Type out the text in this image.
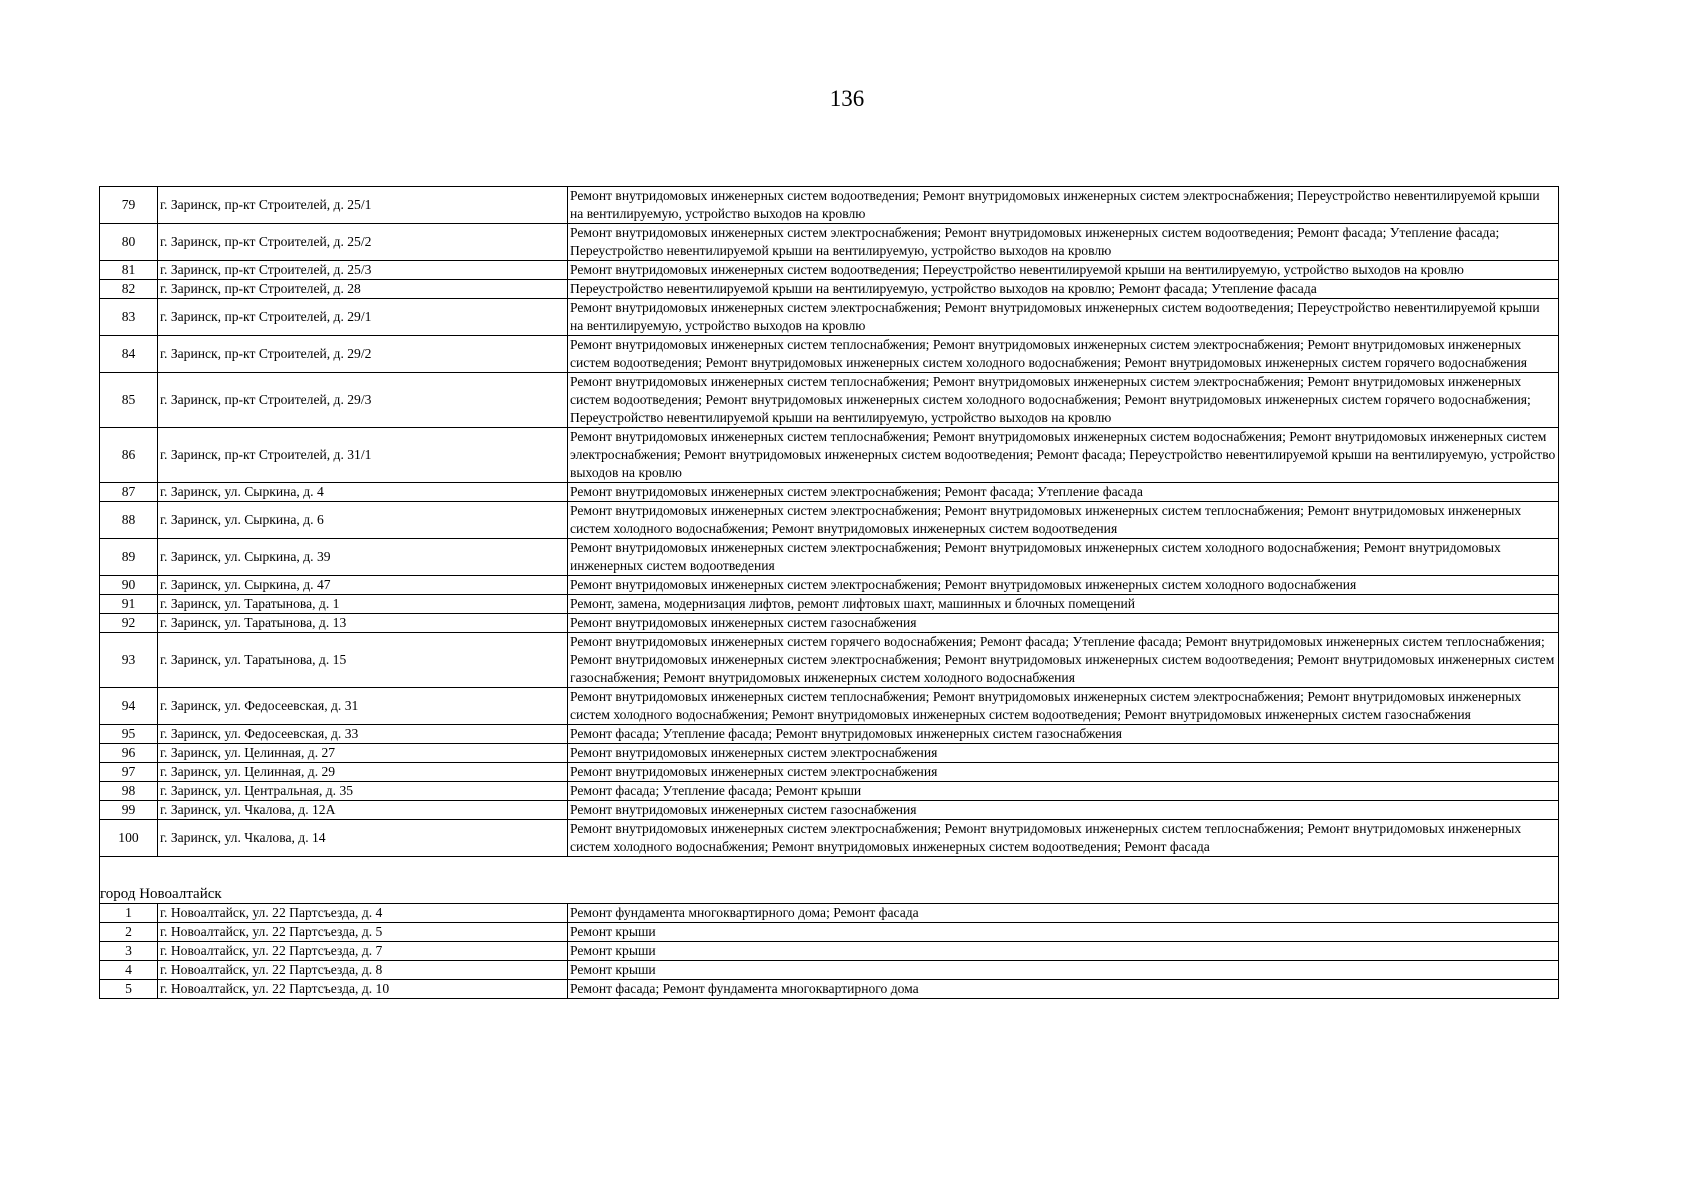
136
79	г. Заринск, пр-кт Строителей, д. 25/1	Ремонт внутридомовых инженерных систем водоотведения; Ремонт внутридомовых инженерных систем электроснабжения; Переустройство невентилируемой крыши на вентилируемую, устройство выходов на кровлю
80	г. Заринск, пр-кт Строителей, д. 25/2	Ремонт внутридомовых инженерных систем электроснабжения; Ремонт внутридомовых инженерных систем водоотведения; Ремонт фасада; Утепление фасада; Переустройство невентилируемой крыши на вентилируемую, устройство выходов на кровлю
81	г. Заринск, пр-кт Строителей, д. 25/3	Ремонт внутридомовых инженерных систем водоотведения; Переустройство невентилируемой крыши на вентилируемую, устройство выходов на кровлю
82	г. Заринск, пр-кт Строителей, д. 28	Переустройство невентилируемой крыши на вентилируемую, устройство выходов на кровлю; Ремонт фасада; Утепление фасада
83	г. Заринск, пр-кт Строителей, д. 29/1	Ремонт внутридомовых инженерных систем электроснабжения; Ремонт внутридомовых инженерных систем водоотведения; Переустройство невентилируемой крыши на вентилируемую, устройство выходов на кровлю
84	г. Заринск, пр-кт Строителей, д. 29/2	Ремонт внутридомовых инженерных систем теплоснабжения; Ремонт внутридомовых инженерных систем электроснабжения; Ремонт внутридомовых инженерных систем водоотведения; Ремонт внутридомовых инженерных систем холодного водоснабжения; Ремонт внутридомовых инженерных систем горячего водоснабжения
85	г. Заринск, пр-кт Строителей, д. 29/3	Ремонт внутридомовых инженерных систем теплоснабжения; Ремонт внутридомовых инженерных систем электроснабжения; Ремонт внутридомовых инженерных систем водоотведения; Ремонт внутридомовых инженерных систем холодного водоснабжения; Ремонт внутридомовых инженерных систем горячего водоснабжения; Переустройство невентилируемой крыши на вентилируемую, устройство выходов на кровлю
86	г. Заринск, пр-кт Строителей, д. 31/1	Ремонт внутридомовых инженерных систем теплоснабжения; Ремонт внутридомовых инженерных систем водоснабжения; Ремонт внутридомовых инженерных систем электроснабжения; Ремонт внутридомовых инженерных систем водоотведения; Ремонт фасада; Переустройство невентилируемой крыши на вентилируемую, устройство выходов на кровлю
87	г. Заринск, ул. Сыркина, д. 4	Ремонт внутридомовых инженерных систем электроснабжения; Ремонт фасада; Утепление фасада
88	г. Заринск, ул. Сыркина, д. 6	Ремонт внутридомовых инженерных систем электроснабжения; Ремонт внутридомовых инженерных систем теплоснабжения; Ремонт внутридомовых инженерных систем холодного водоснабжения; Ремонт внутридомовых инженерных систем водоотведения
89	г. Заринск, ул. Сыркина, д. 39	Ремонт внутридомовых инженерных систем электроснабжения; Ремонт внутридомовых инженерных систем холодного водоснабжения; Ремонт внутридомовых инженерных систем водоотведения
90	г. Заринск, ул. Сыркина, д. 47	Ремонт внутридомовых инженерных систем электроснабжения; Ремонт внутридомовых инженерных систем холодного водоснабжения
91	г. Заринск, ул. Таратынова, д. 1	Ремонт, замена, модернизация лифтов, ремонт лифтовых шахт, машинных и блочных помещений
92	г. Заринск, ул. Таратынова, д. 13	Ремонт внутридомовых инженерных систем газоснабжения
93	г. Заринск, ул. Таратынова, д. 15	Ремонт внутридомовых инженерных систем горячего водоснабжения; Ремонт фасада; Утепление фасада; Ремонт внутридомовых инженерных систем теплоснабжения; Ремонт внутридомовых инженерных систем электроснабжения; Ремонт внутридомовых инженерных систем водоотведения; Ремонт внутридомовых инженерных систем газоснабжения; Ремонт внутридомовых инженерных систем холодного водоснабжения
94	г. Заринск, ул. Федосеевская, д. 31	Ремонт внутридомовых инженерных систем теплоснабжения; Ремонт внутридомовых инженерных систем электроснабжения; Ремонт внутридомовых инженерных систем холодного водоснабжения; Ремонт внутридомовых инженерных систем водоотведения; Ремонт внутридомовых инженерных систем газоснабжения
95	г. Заринск, ул. Федосеевская, д. 33	Ремонт фасада; Утепление фасада; Ремонт внутридомовых инженерных систем газоснабжения
96	г. Заринск, ул. Целинная, д. 27	Ремонт внутридомовых инженерных систем электроснабжения
97	г. Заринск, ул. Целинная, д. 29	Ремонт внутридомовых инженерных систем электроснабжения
98	г. Заринск, ул. Центральная, д. 35	Ремонт фасада; Утепление фасада; Ремонт крыши
99	г. Заринск, ул. Чкалова, д. 12А	Ремонт внутридомовых инженерных систем газоснабжения
100	г. Заринск, ул. Чкалова, д. 14	Ремонт внутридомовых инженерных систем электроснабжения; Ремонт внутридомовых инженерных систем теплоснабжения; Ремонт внутридомовых инженерных систем холодного водоснабжения; Ремонт внутридомовых инженерных систем водоотведения; Ремонт фасада

город Новоалтайск		
1	г. Новоалтайск, ул. 22 Партсъезда, д. 4	Ремонт фундамента многоквартирного дома; Ремонт фасада
2	г. Новоалтайск, ул. 22 Партсъезда, д. 5	Ремонт крыши
3	г. Новоалтайск, ул. 22 Партсъезда, д. 7	Ремонт крыши
4	г. Новоалтайск, ул. 22 Партсъезда, д. 8	Ремонт крыши
5	г. Новоалтайск, ул. 22 Партсъезда, д. 10	Ремонт фасада; Ремонт фундамента многоквартирного дома
